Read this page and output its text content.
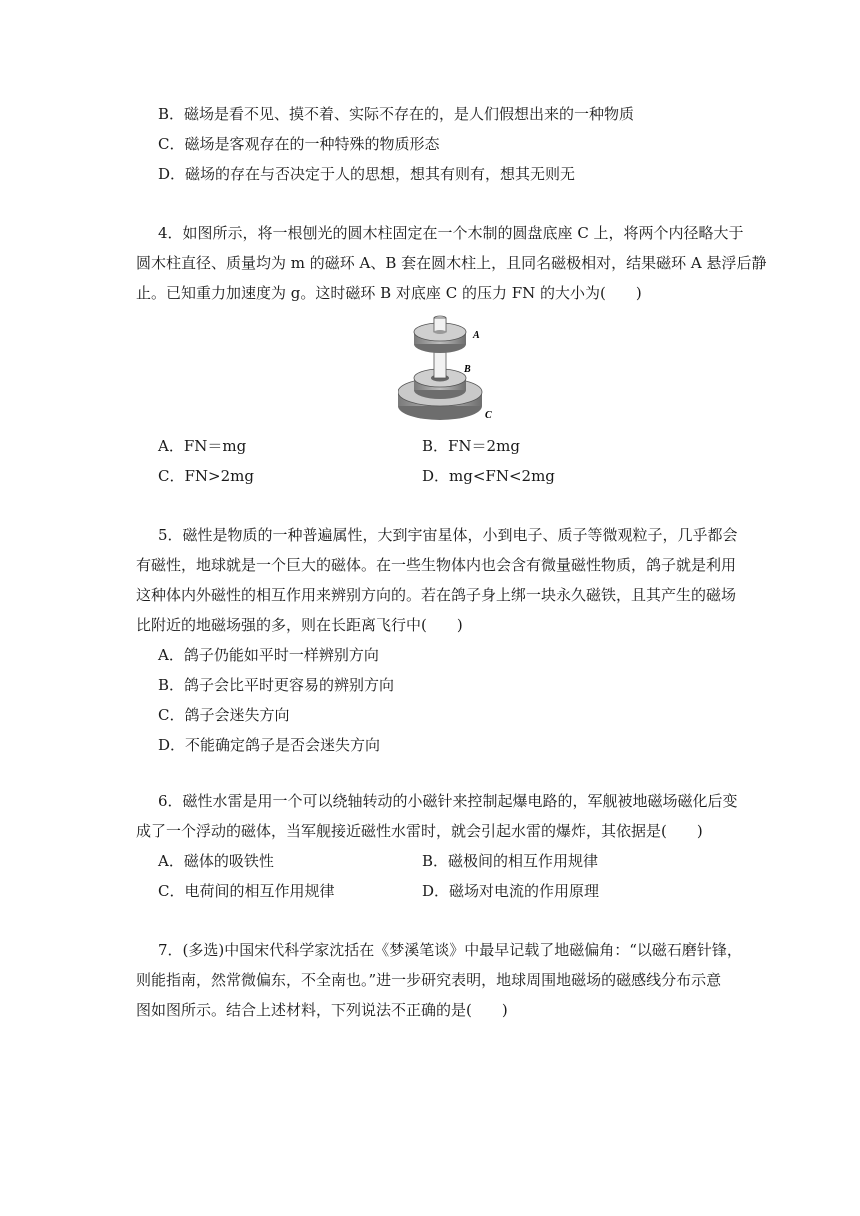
B．磁场是看不见、摸不着、实际不存在的，是人们假想出来的一种物质
C．磁场是客观存在的一种特殊的物质形态
D．磁场的存在与否决定于人的思想，想其有则有，想其无则无
4．如图所示，将一根刨光的圆木柱固定在一个木制的圆盘底座 C 上，将两个内径略大于
圆木柱直径、质量均为 m 的磁环 A、B 套在圆木柱上，且同名磁极相对，结果磁环 A 悬浮后静
止。已知重力加速度为 g。这时磁环 B 对底座 C 的压力 FN 的大小为(　　)
A
B
C
A．FN＝mg	B．FN＝2mg
C．FN>2mg	D．mg<FN<2mg
5．磁性是物质的一种普遍属性，大到宇宙星体，小到电子、质子等微观粒子，几乎都会
有磁性，地球就是一个巨大的磁体。在一些生物体内也会含有微量磁性物质，鸽子就是利用
这种体内外磁性的相互作用来辨别方向的。若在鸽子身上绑一块永久磁铁，且其产生的磁场
比附近的地磁场强的多，则在长距离飞行中(　　)
A．鸽子仍能如平时一样辨别方向
B．鸽子会比平时更容易的辨别方向
C．鸽子会迷失方向
D．不能确定鸽子是否会迷失方向
6．磁性水雷是用一个可以绕轴转动的小磁针来控制起爆电路的，军舰被地磁场磁化后变
成了一个浮动的磁体，当军舰接近磁性水雷时，就会引起水雷的爆炸，其依据是(　　)
A．磁体的吸铁性	B．磁极间的相互作用规律
C．电荷间的相互作用规律	D．磁场对电流的作用原理
7．(多选)中国宋代科学家沈括在《梦溪笔谈》中最早记载了地磁偏角：“以磁石磨针锋，
则能指南，然常微偏东，不全南也。”进一步研究表明，地球周围地磁场的磁感线分布示意
图如图所示。结合上述材料，下列说法不正确的是(　　)
